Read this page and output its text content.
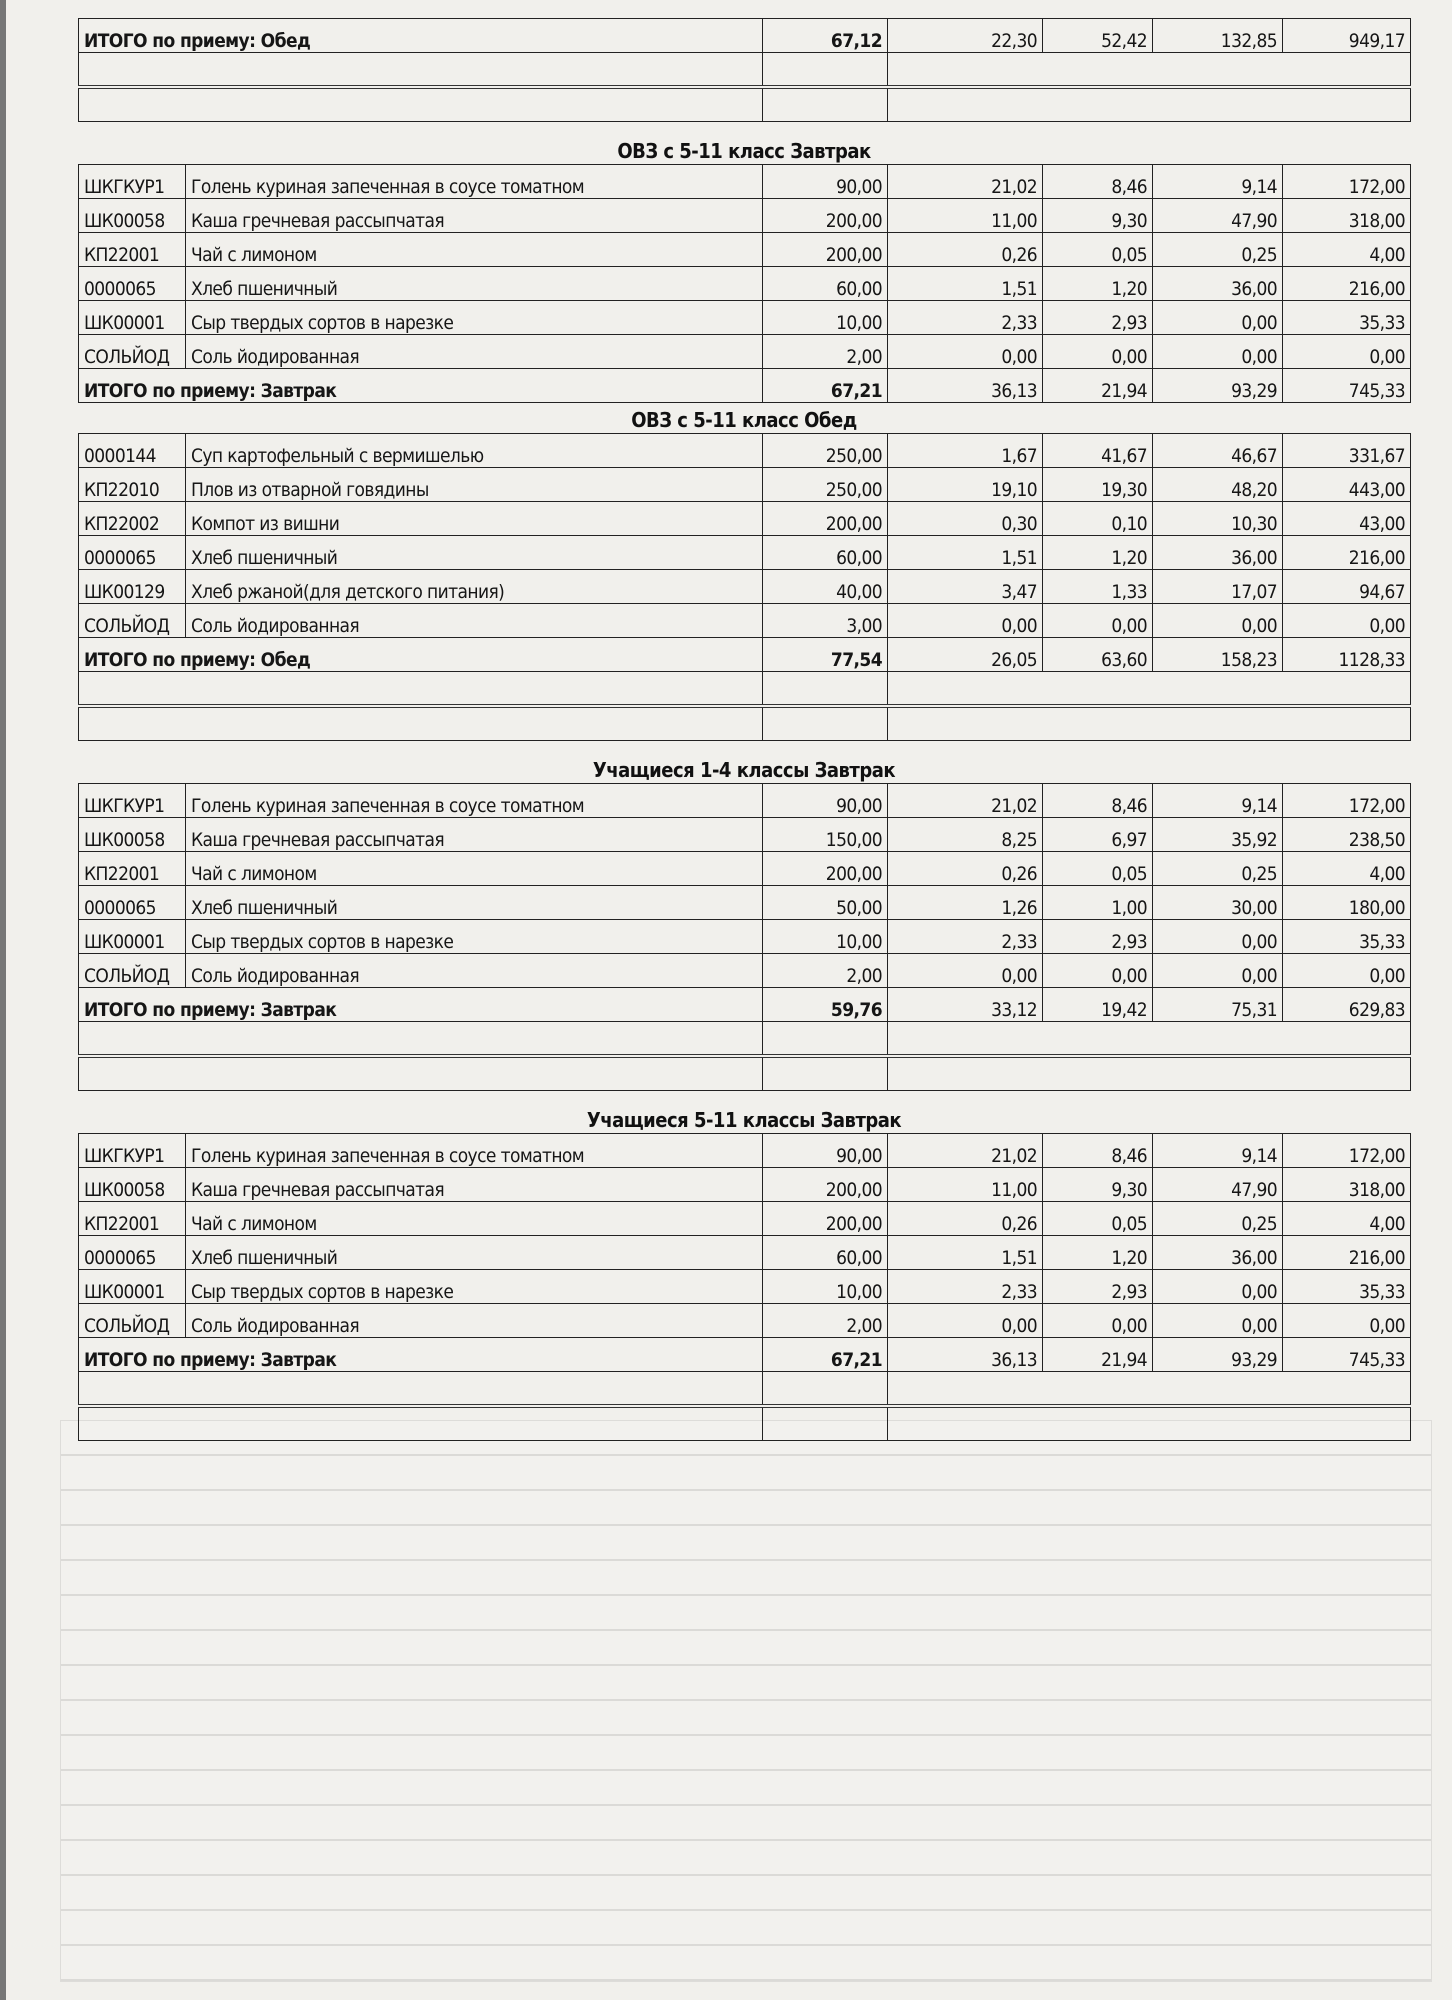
ИТОГО по приему: Обед	67,12	22,30	52,42	132,85	949,17

ОВЗ с 5-11 класс Завтрак
ШКГКУР1	Голень куриная запеченная в соусе томатном	90,00	21,02	8,46	9,14	172,00
ШК00058	Каша гречневая рассыпчатая	200,00	11,00	9,30	47,90	318,00
КП22001	Чай с лимоном	200,00	0,26	0,05	0,25	4,00
0000065	Хлеб пшеничный	60,00	1,51	1,20	36,00	216,00
ШК00001	Сыр твердых сортов в нарезке	10,00	2,33	2,93	0,00	35,33
СОЛЬЙОД	Соль йодированная	2,00	0,00	0,00	0,00	0,00
ИТОГО по приему: Завтрак		67,21	36,13	21,94	93,29	745,33
ОВЗ с 5-11 класс Обед
0000144	Суп картофельный с вермишелью	250,00	1,67	41,67	46,67	331,67
КП22010	Плов из отварной говядины	250,00	19,10	19,30	48,20	443,00
КП22002	Компот из вишни	200,00	0,30	0,10	10,30	43,00
0000065	Хлеб пшеничный	60,00	1,51	1,20	36,00	216,00
ШК00129	Хлеб ржаной(для детского питания)	40,00	3,47	1,33	17,07	94,67
СОЛЬЙОД	Соль йодированная	3,00	0,00	0,00	0,00	0,00
ИТОГО по приему: Обед		77,54	26,05	63,60	158,23	1128,33

Учащиеся 1-4 классы Завтрак
ШКГКУР1	Голень куриная запеченная в соусе томатном	90,00	21,02	8,46	9,14	172,00
ШК00058	Каша гречневая рассыпчатая	150,00	8,25	6,97	35,92	238,50
КП22001	Чай с лимоном	200,00	0,26	0,05	0,25	4,00
0000065	Хлеб пшеничный	50,00	1,26	1,00	30,00	180,00
ШК00001	Сыр твердых сортов в нарезке	10,00	2,33	2,93	0,00	35,33
СОЛЬЙОД	Соль йодированная	2,00	0,00	0,00	0,00	0,00
ИТОГО по приему: Завтрак		59,76	33,12	19,42	75,31	629,83

Учащиеся 5-11 классы Завтрак
ШКГКУР1	Голень куриная запеченная в соусе томатном	90,00	21,02	8,46	9,14	172,00
ШК00058	Каша гречневая рассыпчатая	200,00	11,00	9,30	47,90	318,00
КП22001	Чай с лимоном	200,00	0,26	0,05	0,25	4,00
0000065	Хлеб пшеничный	60,00	1,51	1,20	36,00	216,00
ШК00001	Сыр твердых сортов в нарезке	10,00	2,33	2,93	0,00	35,33
СОЛЬЙОД	Соль йодированная	2,00	0,00	0,00	0,00	0,00
ИТОГО по приему: Завтрак		67,21	36,13	21,94	93,29	745,33
